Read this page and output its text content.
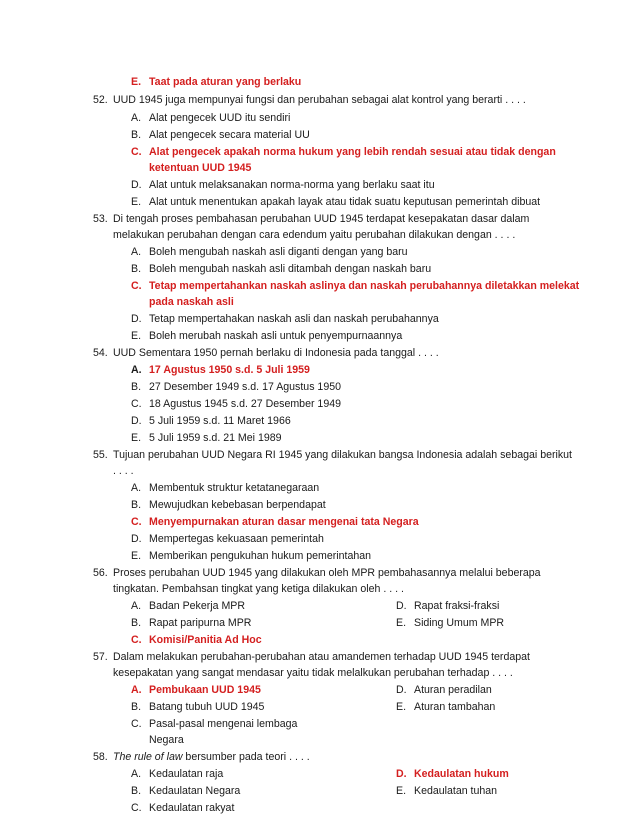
E. Taat pada aturan yang berlaku
52. UUD 1945 juga mempunyai fungsi dan perubahan sebagai alat kontrol yang berarti . . . .
A. Alat pengecek UUD itu sendiri
B. Alat pengecek secara material UU
C. Alat pengecek apakah norma hukum yang lebih rendah sesuai atau tidak dengan
ketentuan UUD 1945
D. Alat untuk melaksanakan norma-norma yang berlaku saat itu
E. Alat untuk menentukan apakah layak atau tidak suatu keputusan pemerintah dibuat
53. Di tengah proses pembahasan perubahan UUD 1945 terdapat kesepakatan dasar dalam
melakukan perubahan dengan cara edendum yaitu perubahan dilakukan dengan . . . .
A. Boleh mengubah naskah asli diganti dengan yang baru
B. Boleh mengubah naskah asli ditambah dengan naskah baru
C. Tetap mempertahankan naskah aslinya dan naskah perubahannya diletakkan melekat
pada naskah asli
D. Tetap mempertahakan naskah asli dan naskah perubahannya
E. Boleh merubah naskah asli untuk penyempurnaannya
54. UUD Sementara 1950 pernah berlaku di Indonesia pada tanggal . . . .
A. 17 Agustus 1950 s.d. 5 Juli 1959
B. 27 Desember 1949 s.d. 17 Agustus 1950
C. 18 Agustus 1945 s.d. 27 Desember 1949
D. 5 Juli 1959 s.d. 11 Maret 1966
E. 5 Juli 1959 s.d. 21 Mei 1989
55. Tujuan perubahan UUD Negara RI 1945 yang dilakukan bangsa Indonesia adalah sebagai berikut
. . . .
A. Membentuk struktur ketatanegaraan
B. Mewujudkan kebebasan berpendapat
C. Menyempurnakan aturan dasar mengenai tata Negara
D. Mempertegas kekuasaan pemerintah
E. Memberikan pengukuhan hukum pemerintahan
56. Proses perubahan UUD 1945 yang dilakukan oleh MPR pembahasannya melalui beberapa
tingkatan. Pembahsan tingkat yang ketiga dilakukan oleh . . . .
A. Badan Pekerja MPR	D. Rapat fraksi-fraksi
B. Rapat paripurna MPR	E. Siding Umum MPR
C. Komisi/Panitia Ad Hoc
57. Dalam melakukan perubahan-perubahan atau amandemen terhadap UUD 1945 terdapat
kesepakatan yang sangat mendasar yaitu tidak melalkukan perubahan terhadap . . . .
A. Pembukaan UUD 1945	D. Aturan peradilan
B. Batang tubuh UUD 1945	E. Aturan tambahan
C. Pasal-pasal mengenai lembaga
Negara
58. The rule of law bersumber pada teori . . . .
A. Kedaulatan raja	D. Kedaulatan hukum
B. Kedaulatan Negara	E. Kedaulatan tuhan
C. Kedaulatan rakyat
